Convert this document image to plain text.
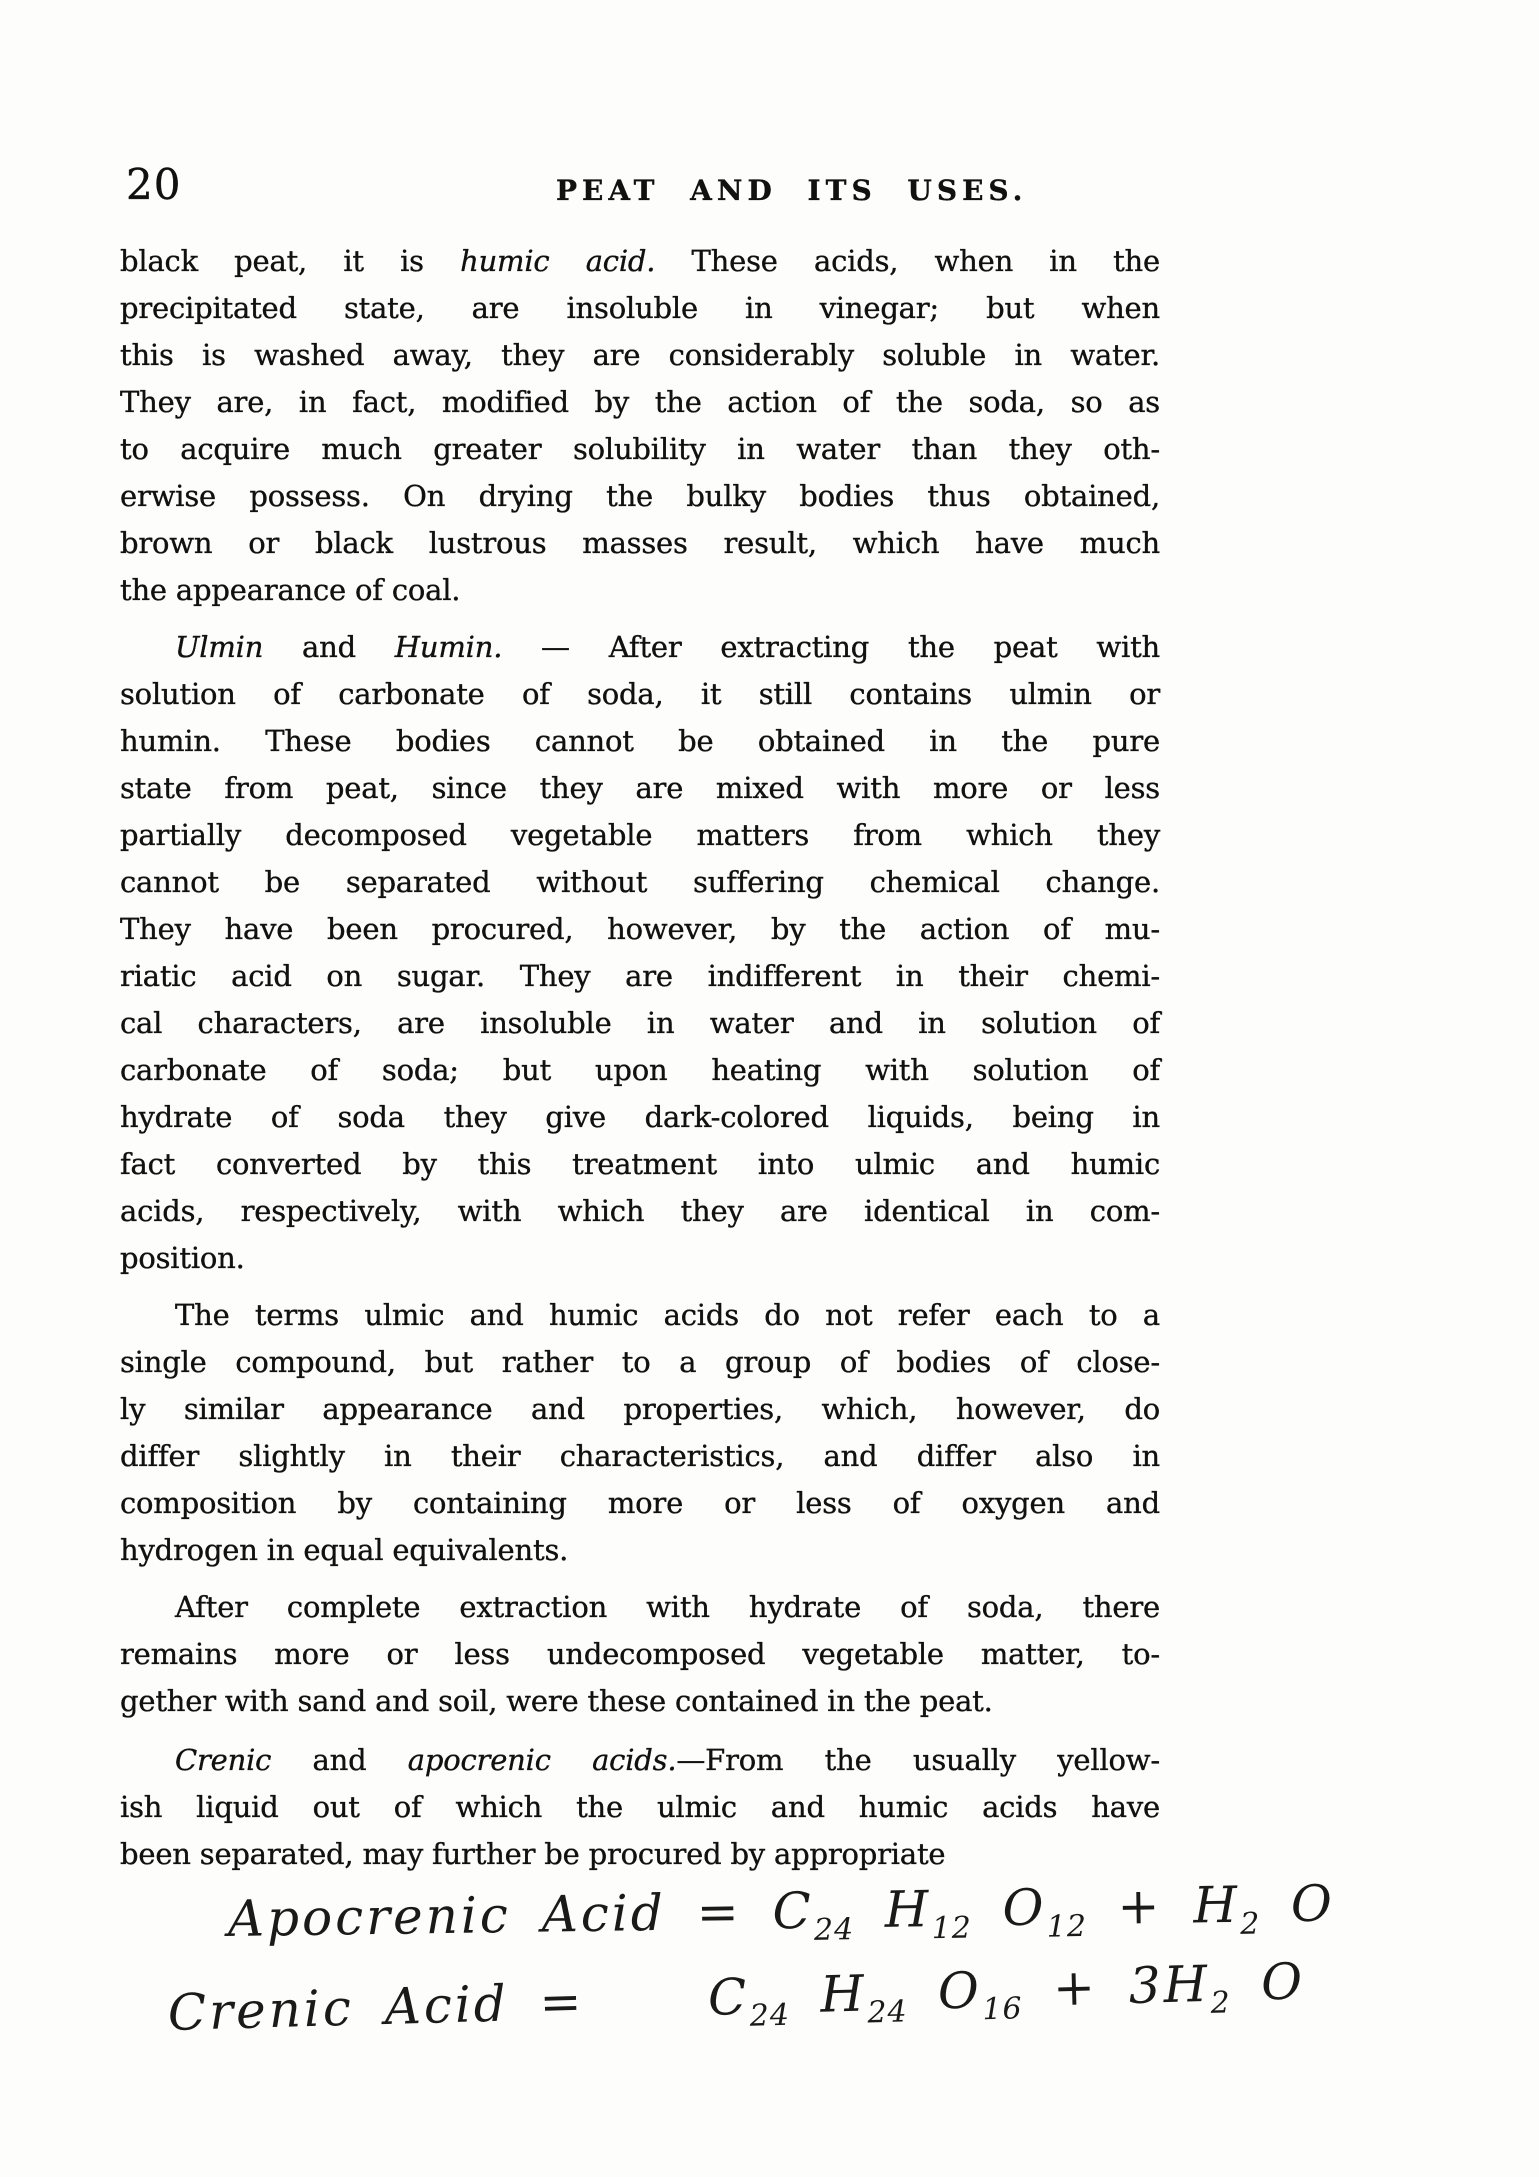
20	PEAT AND ITS USES.
black peat, it is humic acid. These acids, when in the
precipitated state, are insoluble in vinegar; but when
this is washed away, they are considerably soluble in water.
They are, in fact, modified by the action of the soda, so as
to acquire much greater solubility in water than they oth-
erwise possess. On drying the bulky bodies thus obtained,
brown or black lustrous masses result, which have much
the appearance of coal.
Ulmin and Humin. — After extracting the peat with
solution of carbonate of soda, it still contains ulmin or
humin. These bodies cannot be obtained in the pure
state from peat, since they are mixed with more or less
partially decomposed vegetable matters from which they
cannot be separated without suffering chemical change.
They have been procured, however, by the action of mu-
riatic acid on sugar. They are indifferent in their chemi-
cal characters, are insoluble in water and in solution of
carbonate of soda; but upon heating with solution of
hydrate of soda they give dark-colored liquids, being in
fact converted by this treatment into ulmic and humic
acids, respectively, with which they are identical in com-
position.
The terms ulmic and humic acids do not refer each to a
single compound, but rather to a group of bodies of close-
ly similar appearance and properties, which, however, do
differ slightly in their characteristics, and differ also in
composition by containing more or less of oxygen and
hydrogen in equal equivalents.
After complete extraction with hydrate of soda, there
remains more or less undecomposed vegetable matter, to-
gether with sand and soil, were these contained in the peat.
Crenic and apocrenic acids.—From the usually yellow-
ish liquid out of which the ulmic and humic acids have
been separated, may further be procured by appropriate
Apocrenic Acid = $C_{24}$ $H_{12}$ $O_{12} + H_2$ O
Crenic Acid =    $C_{24}$ $H_{24}$ $O_{16} + 3H_2$ O
